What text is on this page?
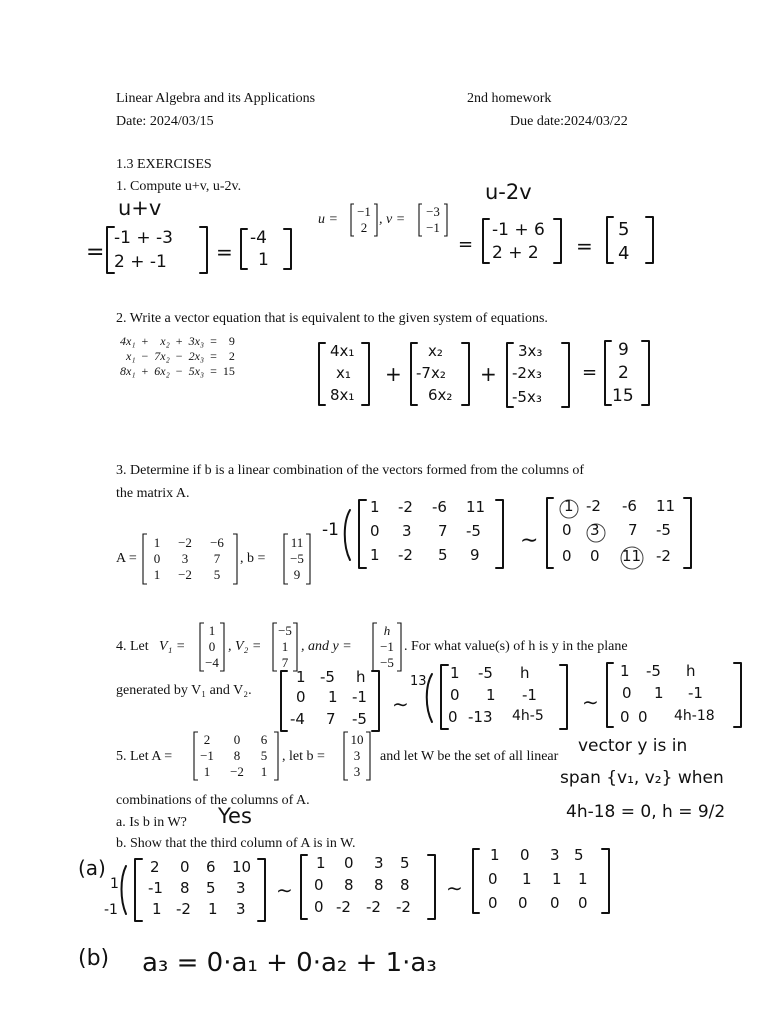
Linear Algebra and its Applications	2nd homework
Date: 2024/03/15	Due date:2024/03/22
1.3 EXERCISES
1. Compute u+v, u-2v.
u+v
u-2v
u =
−1
2
, v =
−3
−1
=
-1 + -3
2 + -1 =
-4
1
=
-1 + 6
2 + 2 =
5
4
2. Write a vector equation that is equivalent to the given system of equations.
4x₁	+	x₂	+	3x₃	=	9
x₁	−	7x₂	−	2x₃	=	2
8x₁	+	6x₂	−	5x₃	=	15
4x₁
x₁
8x₁
+
x₂
-7x₂
6x₂
+
3x₃
-2x₃
-5x₃
=
9
2
15
3. Determine if b is a linear combination of the vectors formed from the columns of
the matrix A.
A =
1	−2	−6
0	3	7
1	−2	5
, b =
11
−5
9
-1
1 -2 -6 11
0 3 7 -5
1 -2 5 9
∼
1 -2 -6 11
0 3 7 -5
0 0 11 -2
4. Let V₁ =
1
0
−4
, V₂ =
−5
1
7
, and y =
h
−1
−5
. For what value(s) of h is y in the plane
generated by V₁ and V₂.
1 -5 h
0 1 -1
-4 7 -5
∼
13 1 -5 h
0 1 -1
0 -13 4h-5
∼
1 -5 h
0 1 -1
0 0 4h-18
vector y is in
span {v₁, v₂} when
4h-18 = 0, h = 9/2
5. Let A =
2	0	6
−1	8	5
1	−2	1
, let b =
10
3
3
and let W be the set of all linear
combinations of the columns of A.
a. Is b in W? Yes
b. Show that the third column of A is in W.
(a)
1
-1
2 0 6 10
-1 8 5 3
1 -2 1 3
∼
1 0 3 5
0 8 8 8
0 -2 -2 -2
∼
1 0 3 5
0 1 1 1
0 0 0 0
(b) a₃ = 0·a₁ + 0·a₂ + 1·a₃
